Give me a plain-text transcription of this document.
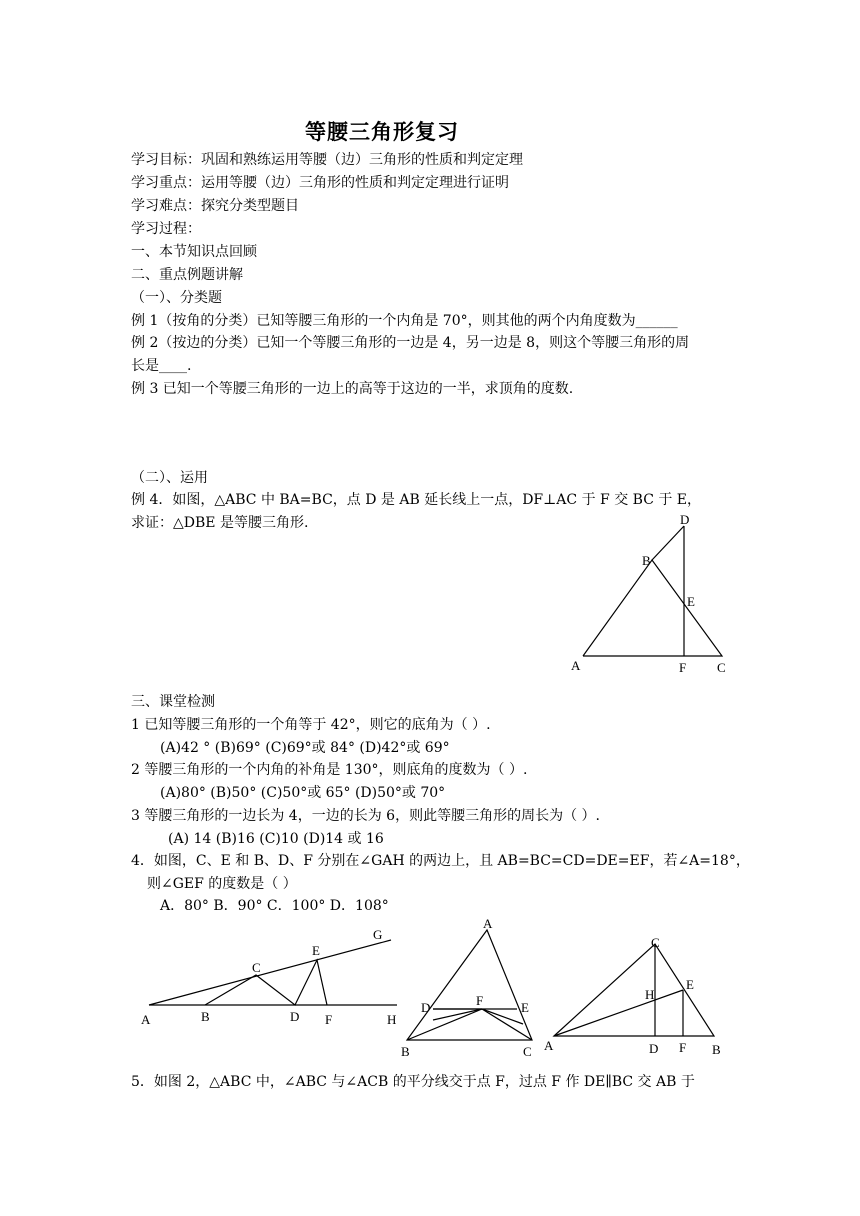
等腰三角形复习
学习目标：巩固和熟练运用等腰（边）三角形的性质和判定定理
学习重点：运用等腰（边）三角形的性质和判定定理进行证明
学习难点：探究分类型题目
学习过程：
一、本节知识点回顾
二、重点例题讲解
（一）、分类题
例 1（按角的分类）已知等腰三角形的一个内角是 70°，则其他的两个内角度数为______
例 2（按边的分类）已知一个等腰三角形的一边是 4，另一边是 8，则这个等腰三角形的周
长是____.
例 3 已知一个等腰三角形的一边上的高等于这边的一半，求顶角的度数.
（二）、运用
例 4．如图，△ABC 中 BA=BC，点 D 是 AB 延长线上一点，DF⊥AC 于 F 交 BC 于 E，
求证：△DBE 是等腰三角形.	D
B
E
A	F C
三、课堂检测
1 已知等腰三角形的一个角等于 42°，则它的底角为（ ）.
(A)42 ° (B)69° (C)69°或 84° (D)42°或 69°
2 等腰三角形的一个内角的补角是 130°，则底角的度数为（ ）.
(A)80° (B)50° (C)50°或 65° (D)50°或 70°
3 等腰三角形的一边长为 4，一边的长为 6，则此等腰三角形的周长为（ ）.
(A) 14 (B)16 (C)10 (D)14 或 16
4．如图，C、E 和 B、D、F 分别在∠GAH 的两边上，且 AB=BC=CD=DE=EF，若∠A=18°，
则∠GEF 的度数是（ ）
A．80° B．90° C．100° D．108°
G
E
C
A	B	D F	H
A
D	F	E
B	C
C
H
E
A	D F B
5．如图 2，△ABC 中，∠ABC 与∠ACB 的平分线交于点 F，过点 F 作 DE∥BC 交 AB 于
